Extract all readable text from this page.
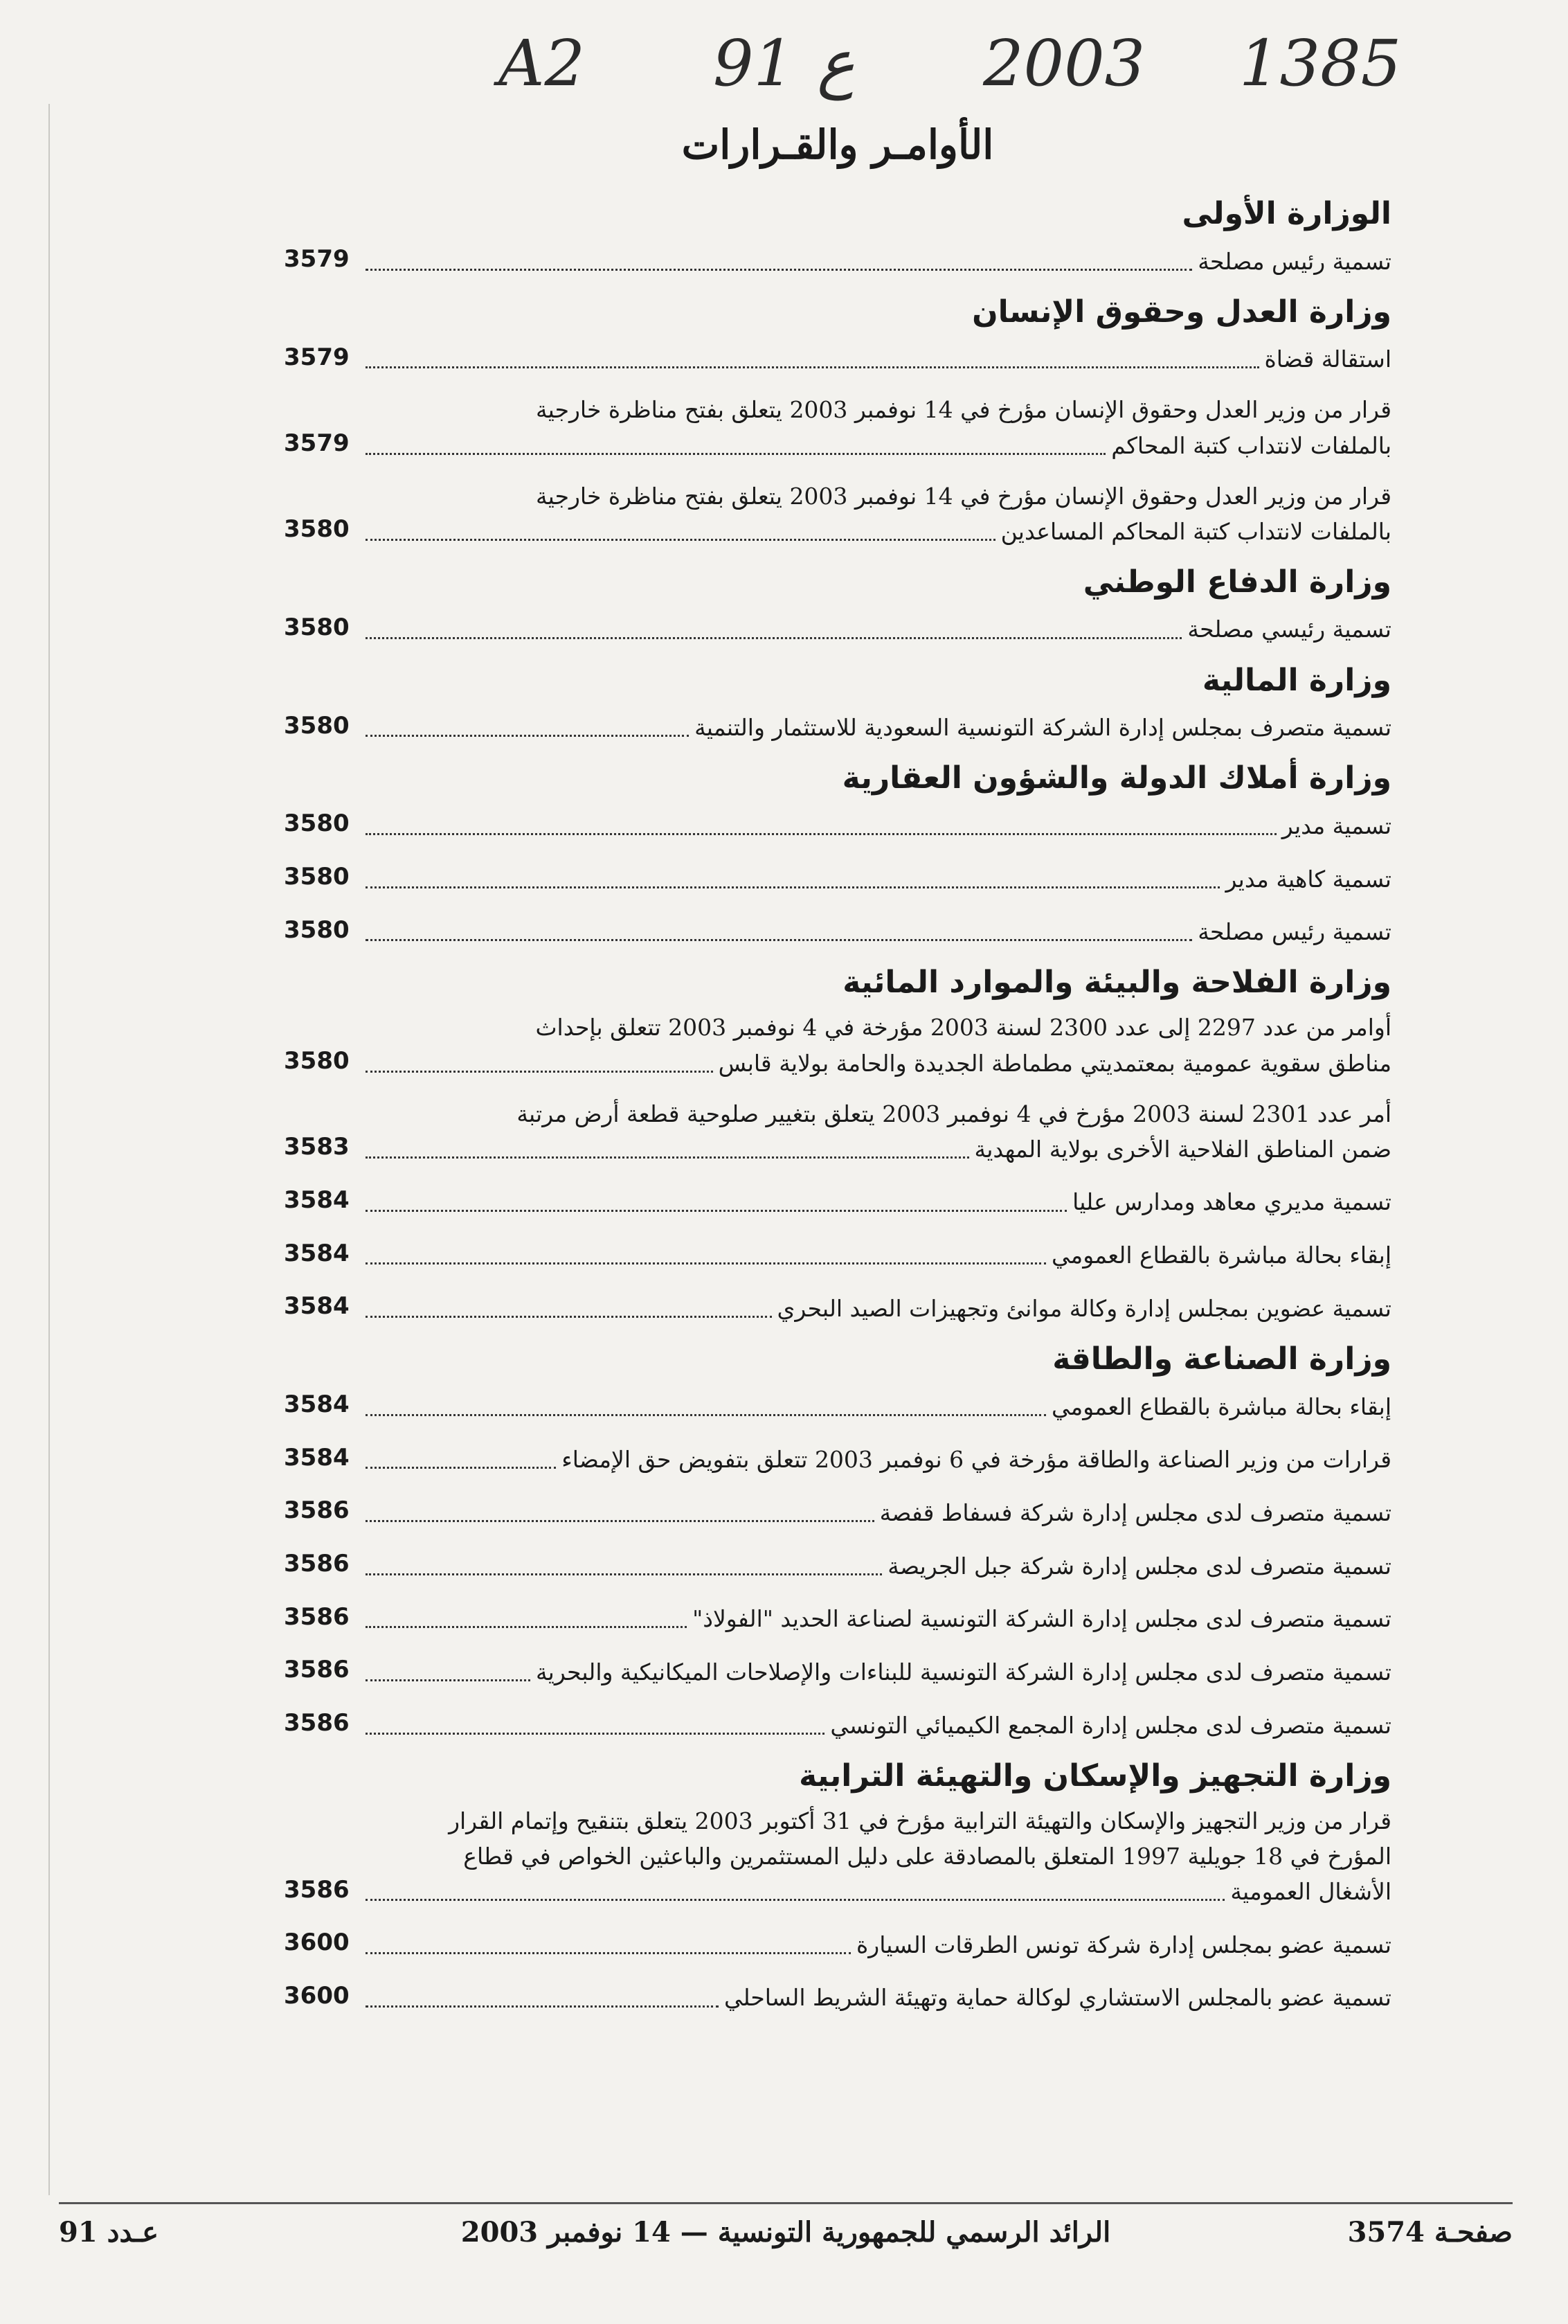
A2 91 ع 2003 1385
الأوامـر والقـرارات
الوزارة الأولى
تسمية رئيس مصلحة
3579
وزارة العدل وحقوق الإنسان
استقالة قضاة
3579
قرار من وزير العدل وحقوق الإنسان مؤرخ في 14 نوفمبر 2003 يتعلق بفتح مناظرة خارجية
بالملفات لانتداب كتبة المحاكم
3579
قرار من وزير العدل وحقوق الإنسان مؤرخ في 14 نوفمبر 2003 يتعلق بفتح مناظرة خارجية
بالملفات لانتداب كتبة المحاكم المساعدين
3580
وزارة الدفاع الوطني
تسمية رئيسي مصلحة
3580
وزارة المالية
تسمية متصرف بمجلس إدارة الشركة التونسية السعودية للاستثمار والتنمية
3580
وزارة أملاك الدولة والشؤون العقارية
تسمية مدير
3580
تسمية كاهية مدير
3580
تسمية رئيس مصلحة
3580
وزارة الفلاحة والبيئة والموارد المائية
أوامر من عدد 2297 إلى عدد 2300 لسنة 2003 مؤرخة في 4 نوفمبر 2003 تتعلق بإحداث
مناطق سقوية عمومية بمعتمديتي مطماطة الجديدة والحامة بولاية قابس
3580
أمر عدد 2301 لسنة 2003 مؤرخ في 4 نوفمبر 2003 يتعلق بتغيير صلوحية قطعة أرض مرتبة
ضمن المناطق الفلاحية الأخرى بولاية المهدية
3583
تسمية مديري معاهد ومدارس عليا
3584
إبقاء بحالة مباشرة بالقطاع العمومي
3584
تسمية عضوين بمجلس إدارة وكالة موانئ وتجهيزات الصيد البحري
3584
وزارة الصناعة والطاقة
إبقاء بحالة مباشرة بالقطاع العمومي
3584
قرارات من وزير الصناعة والطاقة مؤرخة في 6 نوفمبر 2003 تتعلق بتفويض حق الإمضاء
3584
تسمية متصرف لدى مجلس إدارة شركة فسفاط قفصة
3586
تسمية متصرف لدى مجلس إدارة شركة جبل الجريصة
3586
تسمية متصرف لدى مجلس إدارة الشركة التونسية لصناعة الحديد "الفولاذ"
3586
تسمية متصرف لدى مجلس إدارة الشركة التونسية للبناءات والإصلاحات الميكانيكية والبحرية
3586
تسمية متصرف لدى مجلس إدارة المجمع الكيميائي التونسي
3586
وزارة التجهيز والإسكان والتهيئة الترابية
قرار من وزير التجهيز والإسكان والتهيئة الترابية مؤرخ في 31 أكتوبر 2003 يتعلق بتنقيح وإتمام القرار
المؤرخ في 18 جويلية 1997 المتعلق بالمصادقة على دليل المستثمرين والباعثين الخواص في قطاع
الأشغال العمومية
3586
تسمية عضو بمجلس إدارة شركة تونس الطرقات السيارة
3600
تسمية عضو بالمجلس الاستشاري لوكالة حماية وتهيئة الشريط الساحلي
3600
صفحـة 3574
الرائد الرسمي للجمهورية التونسية — 14 نوفمبر 2003
عـدد 91
